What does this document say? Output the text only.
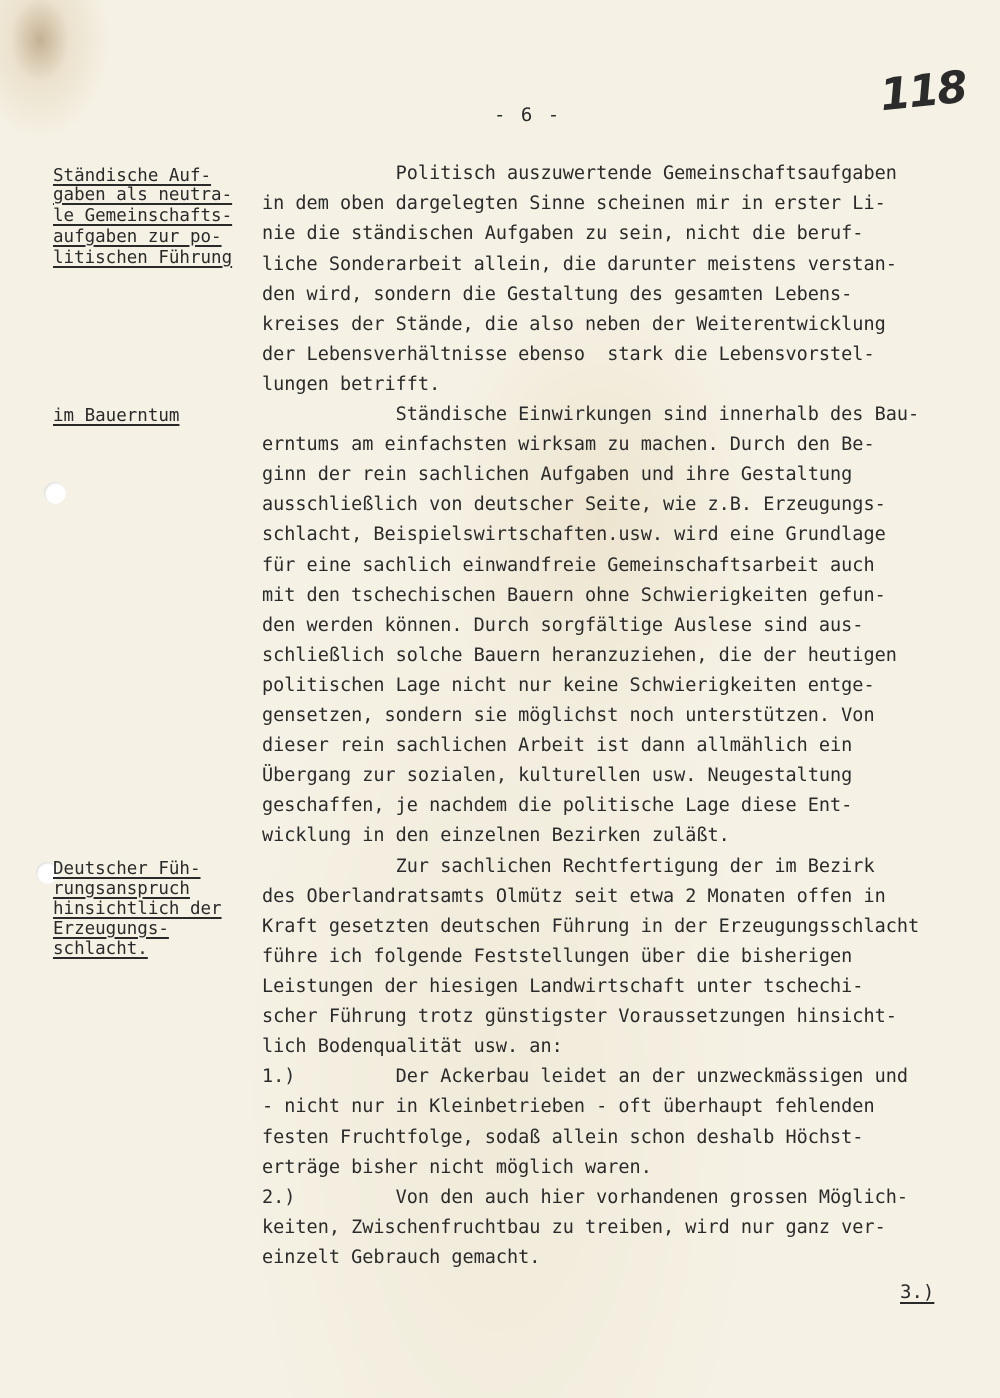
- 6 -	118
Ständische Auf-
gaben als neutra-
le Gemeinschafts-
aufgaben zur po-
litischen Führung
im Bauerntum
Deutscher Füh-
rungsanspruch
hinsichtlich der
Erzeugungs-
schlacht.
Politisch auszuwertende Gemeinschaftsaufgaben
in dem oben dargelegten Sinne scheinen mir in erster Li-
nie die ständischen Aufgaben zu sein, nicht die beruf-
liche Sonderarbeit allein, die darunter meistens verstan-
den wird, sondern die Gestaltung des gesamten Lebens-
kreises der Stände, die also neben der Weiterentwicklung
der Lebensverhältnisse ebenso  stark die Lebensvorstel-
lungen betrifft.
Ständische Einwirkungen sind innerhalb des Bau-
erntums am einfachsten wirksam zu machen. Durch den Be-
ginn der rein sachlichen Aufgaben und ihre Gestaltung
ausschließlich von deutscher Seite, wie z.B. Erzeugungs-
schlacht, Beispielswirtschaften.usw. wird eine Grundlage
für eine sachlich einwandfreie Gemeinschaftsarbeit auch
mit den tschechischen Bauern ohne Schwierigkeiten gefun-
den werden können. Durch sorgfältige Auslese sind aus-
schließlich solche Bauern heranzuziehen, die der heutigen
politischen Lage nicht nur keine Schwierigkeiten entge-
gensetzen, sondern sie möglichst noch unterstützen. Von
dieser rein sachlichen Arbeit ist dann allmählich ein
Übergang zur sozialen, kulturellen usw. Neugestaltung
geschaffen, je nachdem die politische Lage diese Ent-
wicklung in den einzelnen Bezirken zuläßt.
Zur sachlichen Rechtfertigung der im Bezirk
des Oberlandratsamts Olmütz seit etwa 2 Monaten offen in
Kraft gesetzten deutschen Führung in der Erzeugungsschlacht
führe ich folgende Feststellungen über die bisherigen
Leistungen der hiesigen Landwirtschaft unter tschechi-
scher Führung trotz günstigster Voraussetzungen hinsicht-
lich Bodenqualität usw. an:
1.)         Der Ackerbau leidet an der unzweckmässigen und
- nicht nur in Kleinbetrieben - oft überhaupt fehlenden
festen Fruchtfolge, sodaß allein schon deshalb Höchst-
erträge bisher nicht möglich waren.
2.)         Von den auch hier vorhandenen grossen Möglich-
keiten, Zwischenfruchtbau zu treiben, wird nur ganz ver-
einzelt Gebrauch gemacht.
3.)
